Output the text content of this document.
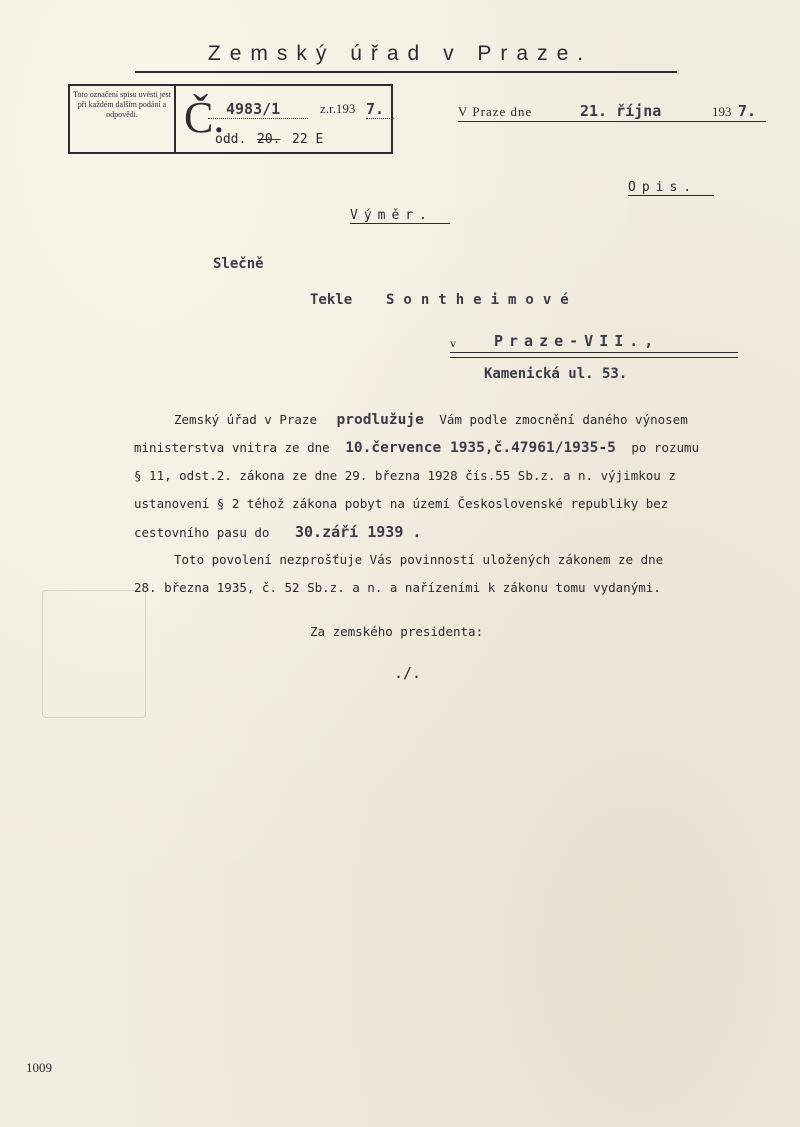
Zemský úřad v Praze.
Toto označení spisu uvésti jest při každém dalším podání a odpovědi.	Č. 4983/1	z.r.193 7.
odd. 20. 22 E
V Praze dne	21. října	193 7.
Opis.
Výměr.
Slečně
Tekle Sontheimové
v	Praze-VII.,
Kamenická ul. 53.
Zemský úřad v Praze prodlužuje Vám podle zmocnění daného výnosem
ministerstva vnitra ze dne 10.července 1935,č.47961/1935-5 po rozumu
§ 11, odst.2. zákona ze dne 29. března 1928 čís.55 Sb.z. a n. výjimkou z
ustanovení § 2 téhož zákona pobyt na území Československé republiky bez
cestovního pasu do 30.září 1939 .
Toto povolení nezprošťuje Vás povinností uložených zákonem ze dne
28. března 1935, č. 52 Sb.z. a n. a nařízeními k zákonu tomu vydanými.
Za zemského presidenta:
./.
1009
